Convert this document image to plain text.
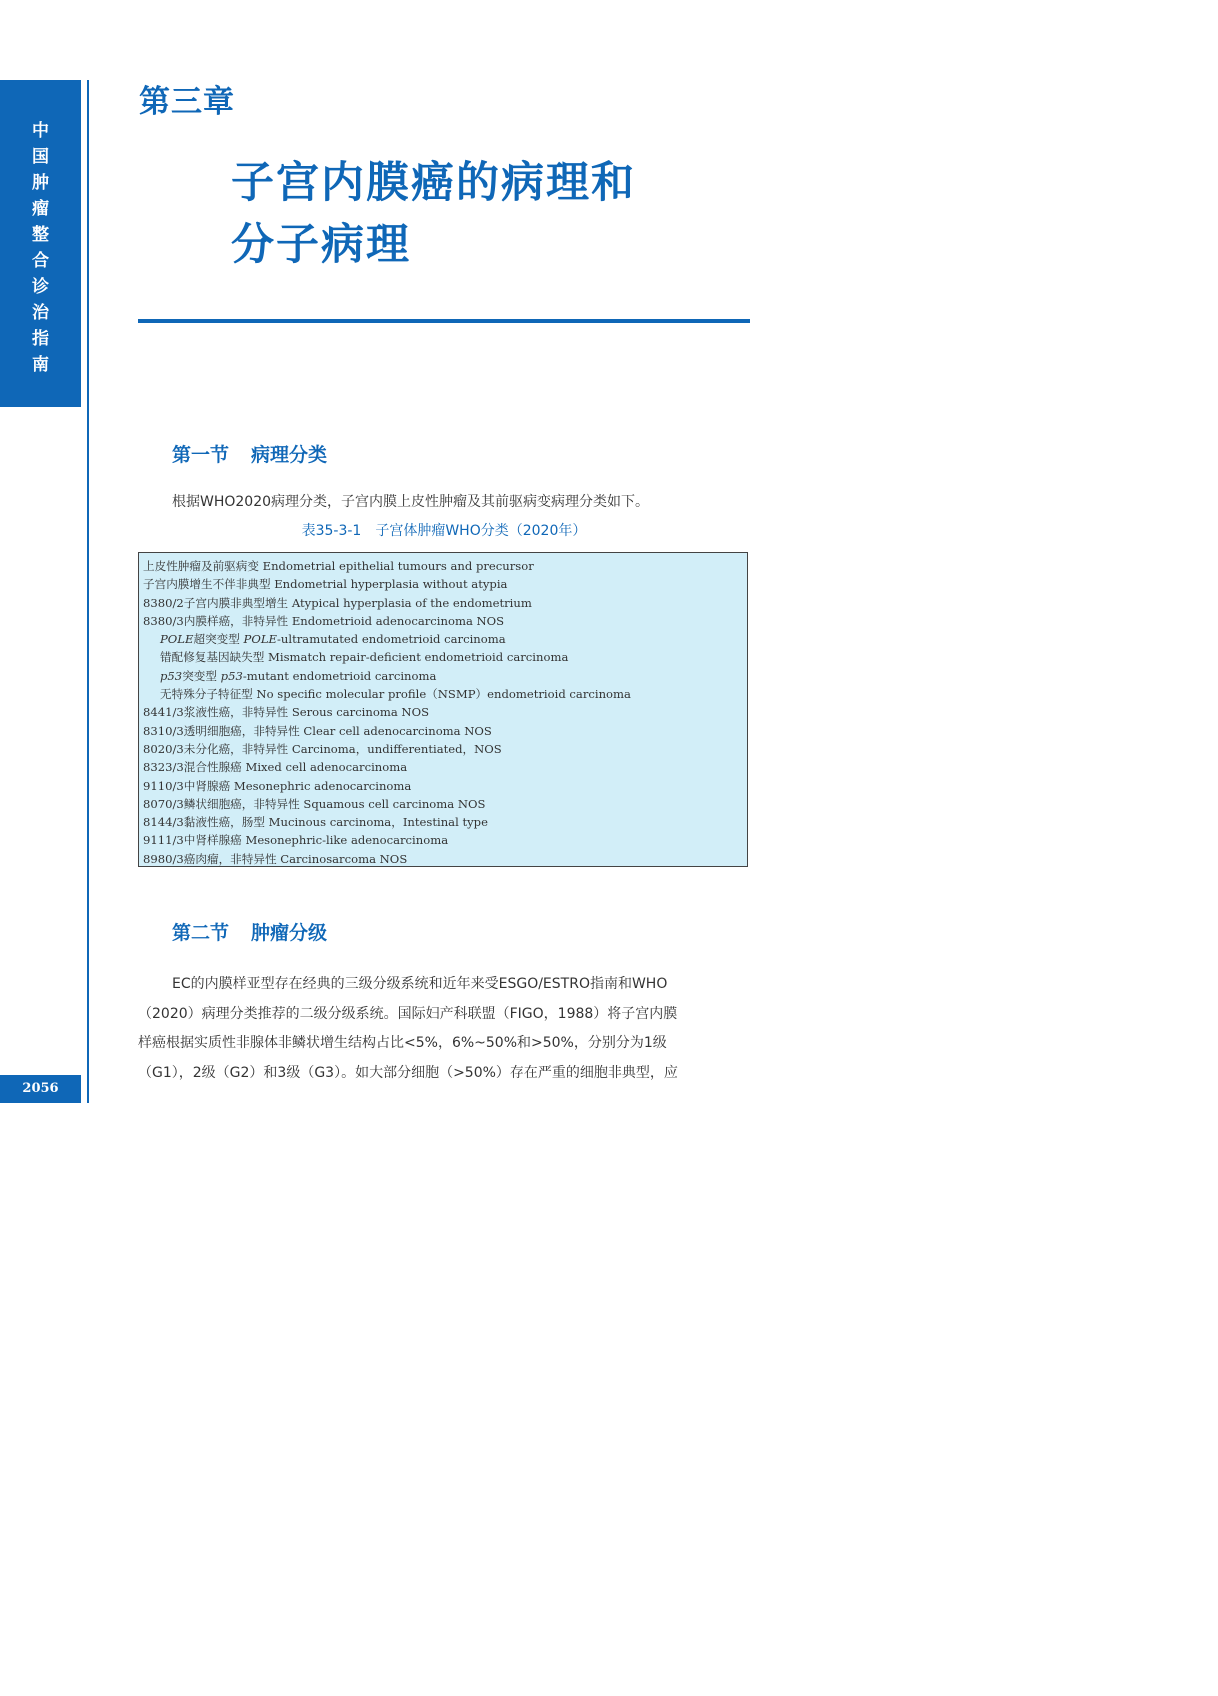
中
国
肿
瘤
整
合
诊
治
指
南
2056
第三章
子宫内膜癌的病理和
分子病理
第一节 病理分类
根据WHO2020病理分类，子宫内膜上皮性肿瘤及其前驱病变病理分类如下。
表35-3-1　子宫体肿瘤WHO分类（2020年）
上皮性肿瘤及前驱病变 Endometrial epithelial tumours and precursor
子宫内膜增生不伴非典型 Endometrial hyperplasia without atypia
8380/2子宫内膜非典型增生 Atypical hyperplasia of the endometrium
8380/3内膜样癌，非特异性 Endometrioid adenocarcinoma NOS
POLE超突变型 POLE-ultramutated endometrioid carcinoma
错配修复基因缺失型 Mismatch repair-deficient endometrioid carcinoma
p53突变型 p53-mutant endometrioid carcinoma
无特殊分子特征型 No specific molecular profile（NSMP）endometrioid carcinoma
8441/3浆液性癌，非特异性 Serous carcinoma NOS
8310/3透明细胞癌，非特异性 Clear cell adenocarcinoma NOS
8020/3未分化癌，非特异性 Carcinoma，undifferentiated，NOS
8323/3混合性腺癌 Mixed cell adenocarcinoma
9110/3中肾腺癌 Mesonephric adenocarcinoma
8070/3鳞状细胞癌，非特异性 Squamous cell carcinoma NOS
8144/3黏液性癌，肠型 Mucinous carcinoma，Intestinal type
9111/3中肾样腺癌 Mesonephric-like adenocarcinoma
8980/3癌肉瘤，非特异性 Carcinosarcoma NOS
第二节 肿瘤分级
EC的内膜样亚型存在经典的三级分级系统和近年来受ESGO/ESTRO指南和WHO
（2020）病理分类推荐的二级分级系统。国际妇产科联盟（FIGO，1988）将子宫内膜
样癌根据实质性非腺体非鳞状增生结构占比<5%，6%~50%和>50%，分别分为1级
（G1），2级（G2）和3级（G3）。如大部分细胞（>50%）存在严重的细胞非典型，应
